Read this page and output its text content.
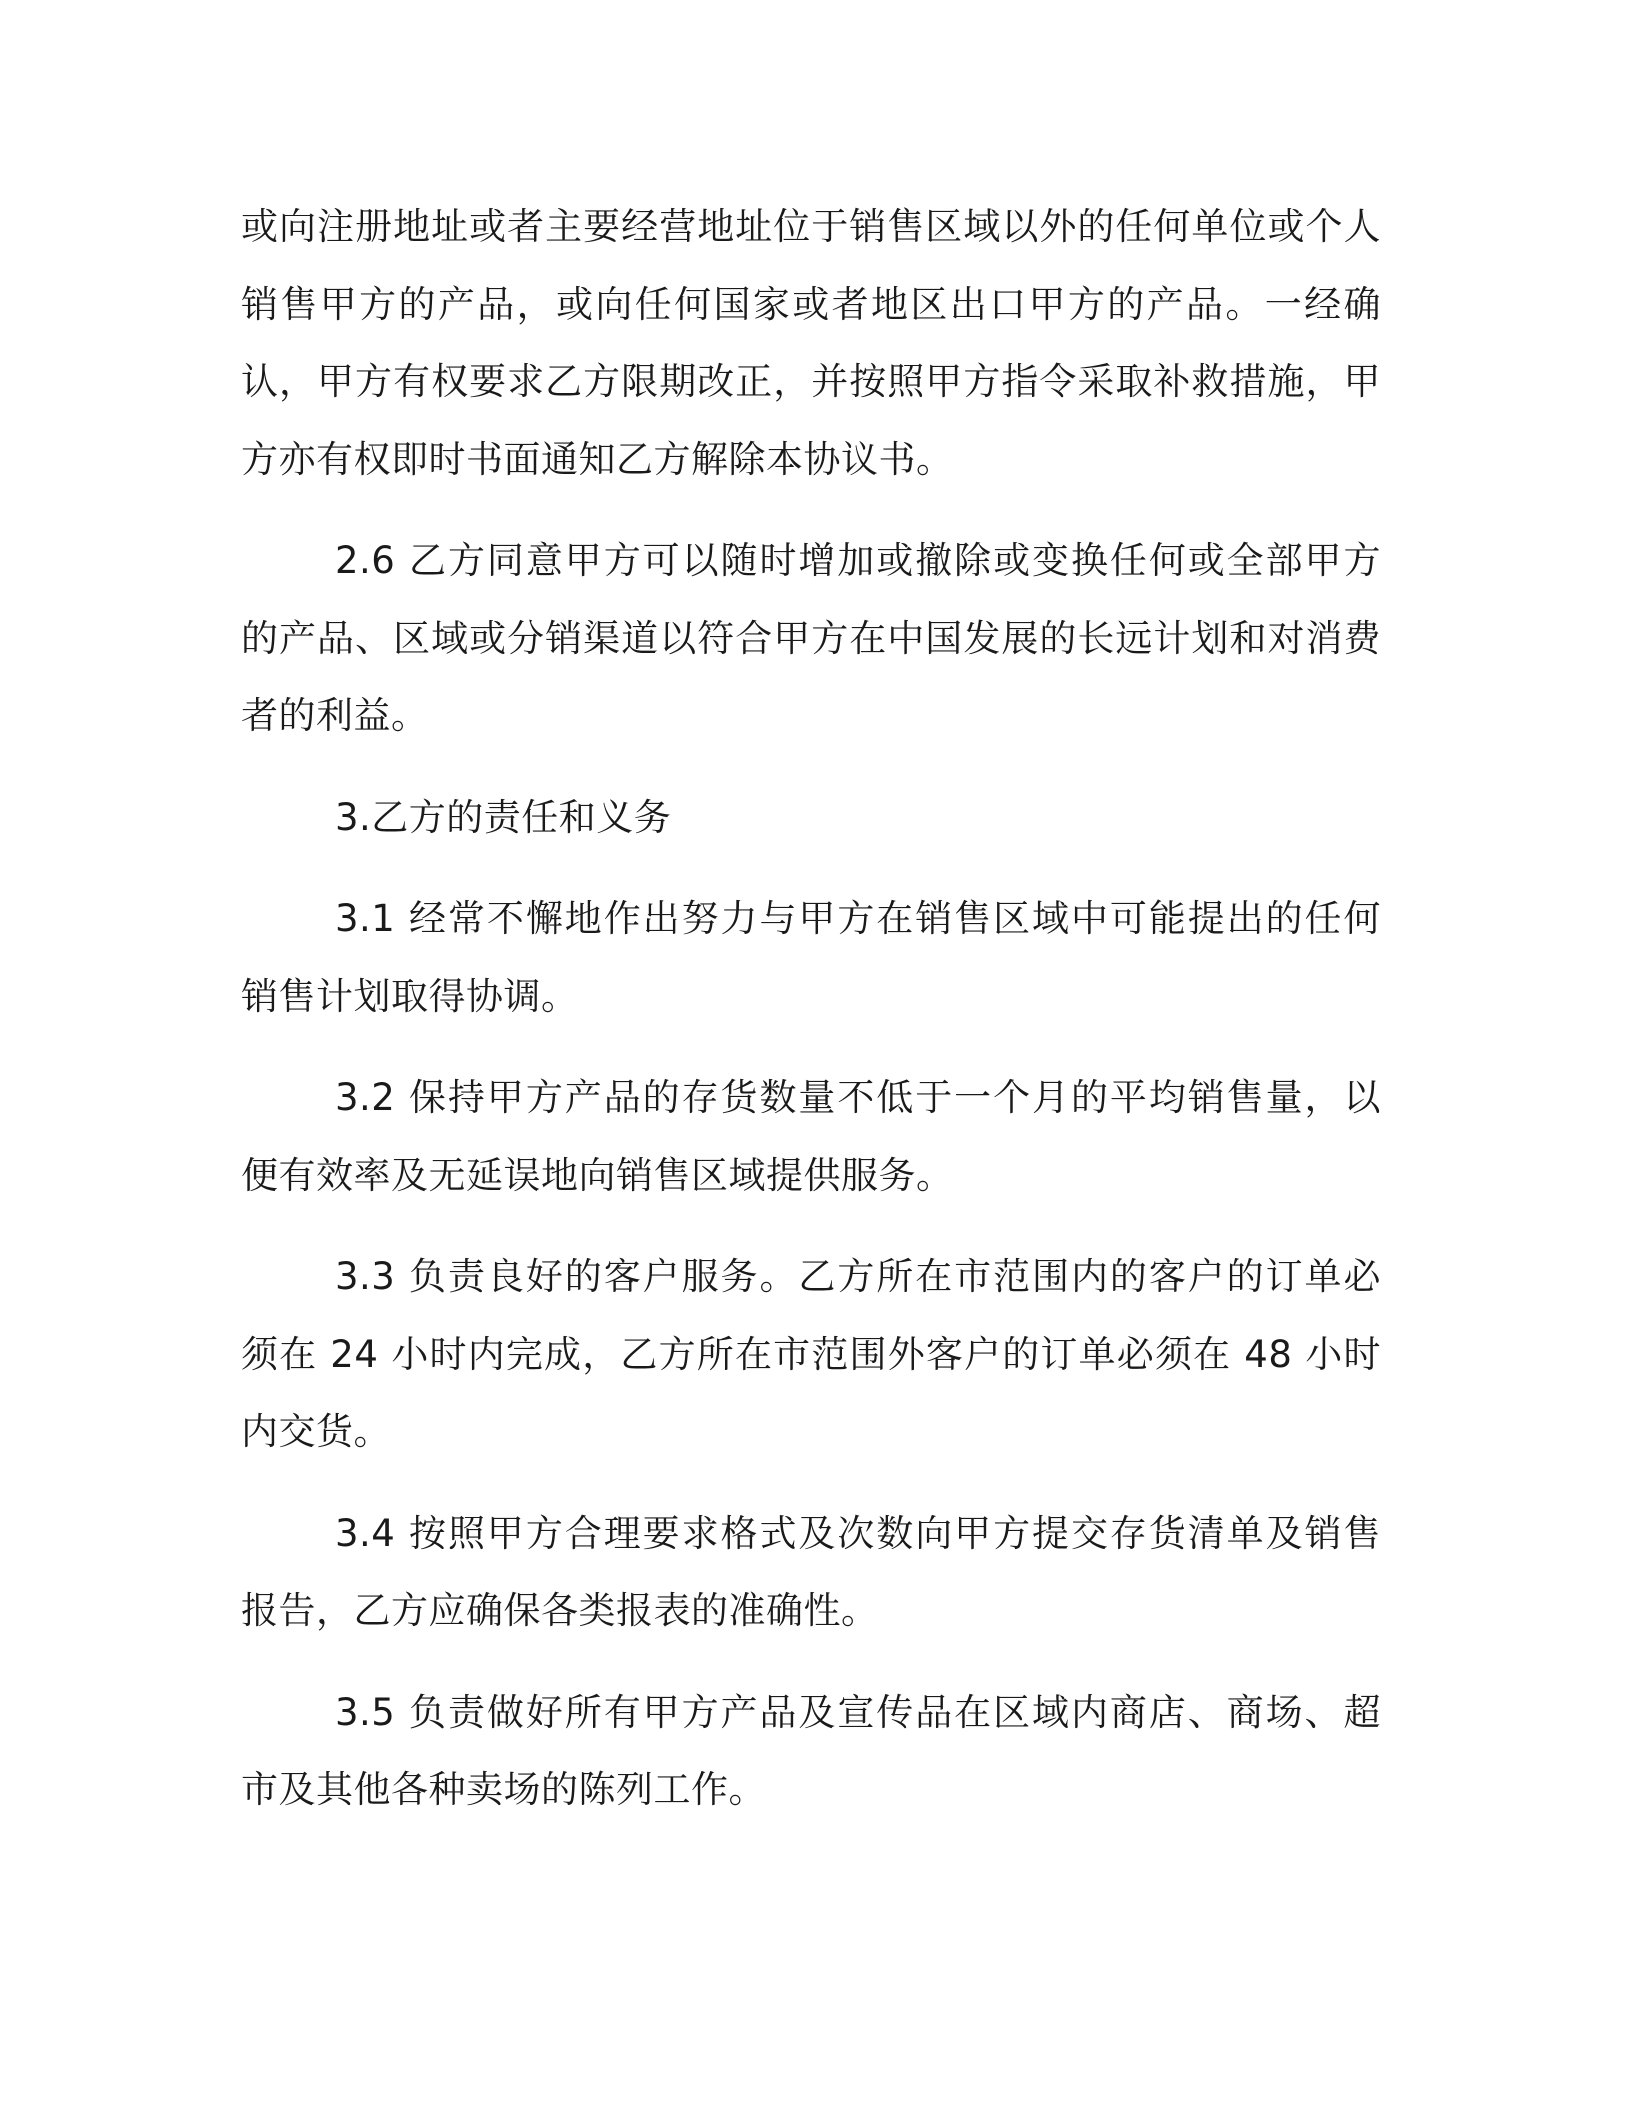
或向注册地址或者主要经营地址位于销售区域以外的任何单位或个人销售甲方的产品，或向任何国家或者地区出口甲方的产品。一经确认，甲方有权要求乙方限期改正，并按照甲方指令采取补救措施，甲方亦有权即时书面通知乙方解除本协议书。

2.6 乙方同意甲方可以随时增加或撤除或变换任何或全部甲方的产品、区域或分销渠道以符合甲方在中国发展的长远计划和对消费者的利益。

3.乙方的责任和义务

3.1 经常不懈地作出努力与甲方在销售区域中可能提出的任何销售计划取得协调。

3.2 保持甲方产品的存货数量不低于一个月的平均销售量，以便有效率及无延误地向销售区域提供服务。

3.3 负责良好的客户服务。乙方所在市范围内的客户的订单必须在 24 小时内完成，乙方所在市范围外客户的订单必须在 48 小时内交货。

3.4 按照甲方合理要求格式及次数向甲方提交存货清单及销售报告，乙方应确保各类报表的准确性。

3.5 负责做好所有甲方产品及宣传品在区域内商店、商场、超市及其他各种卖场的陈列工作。
